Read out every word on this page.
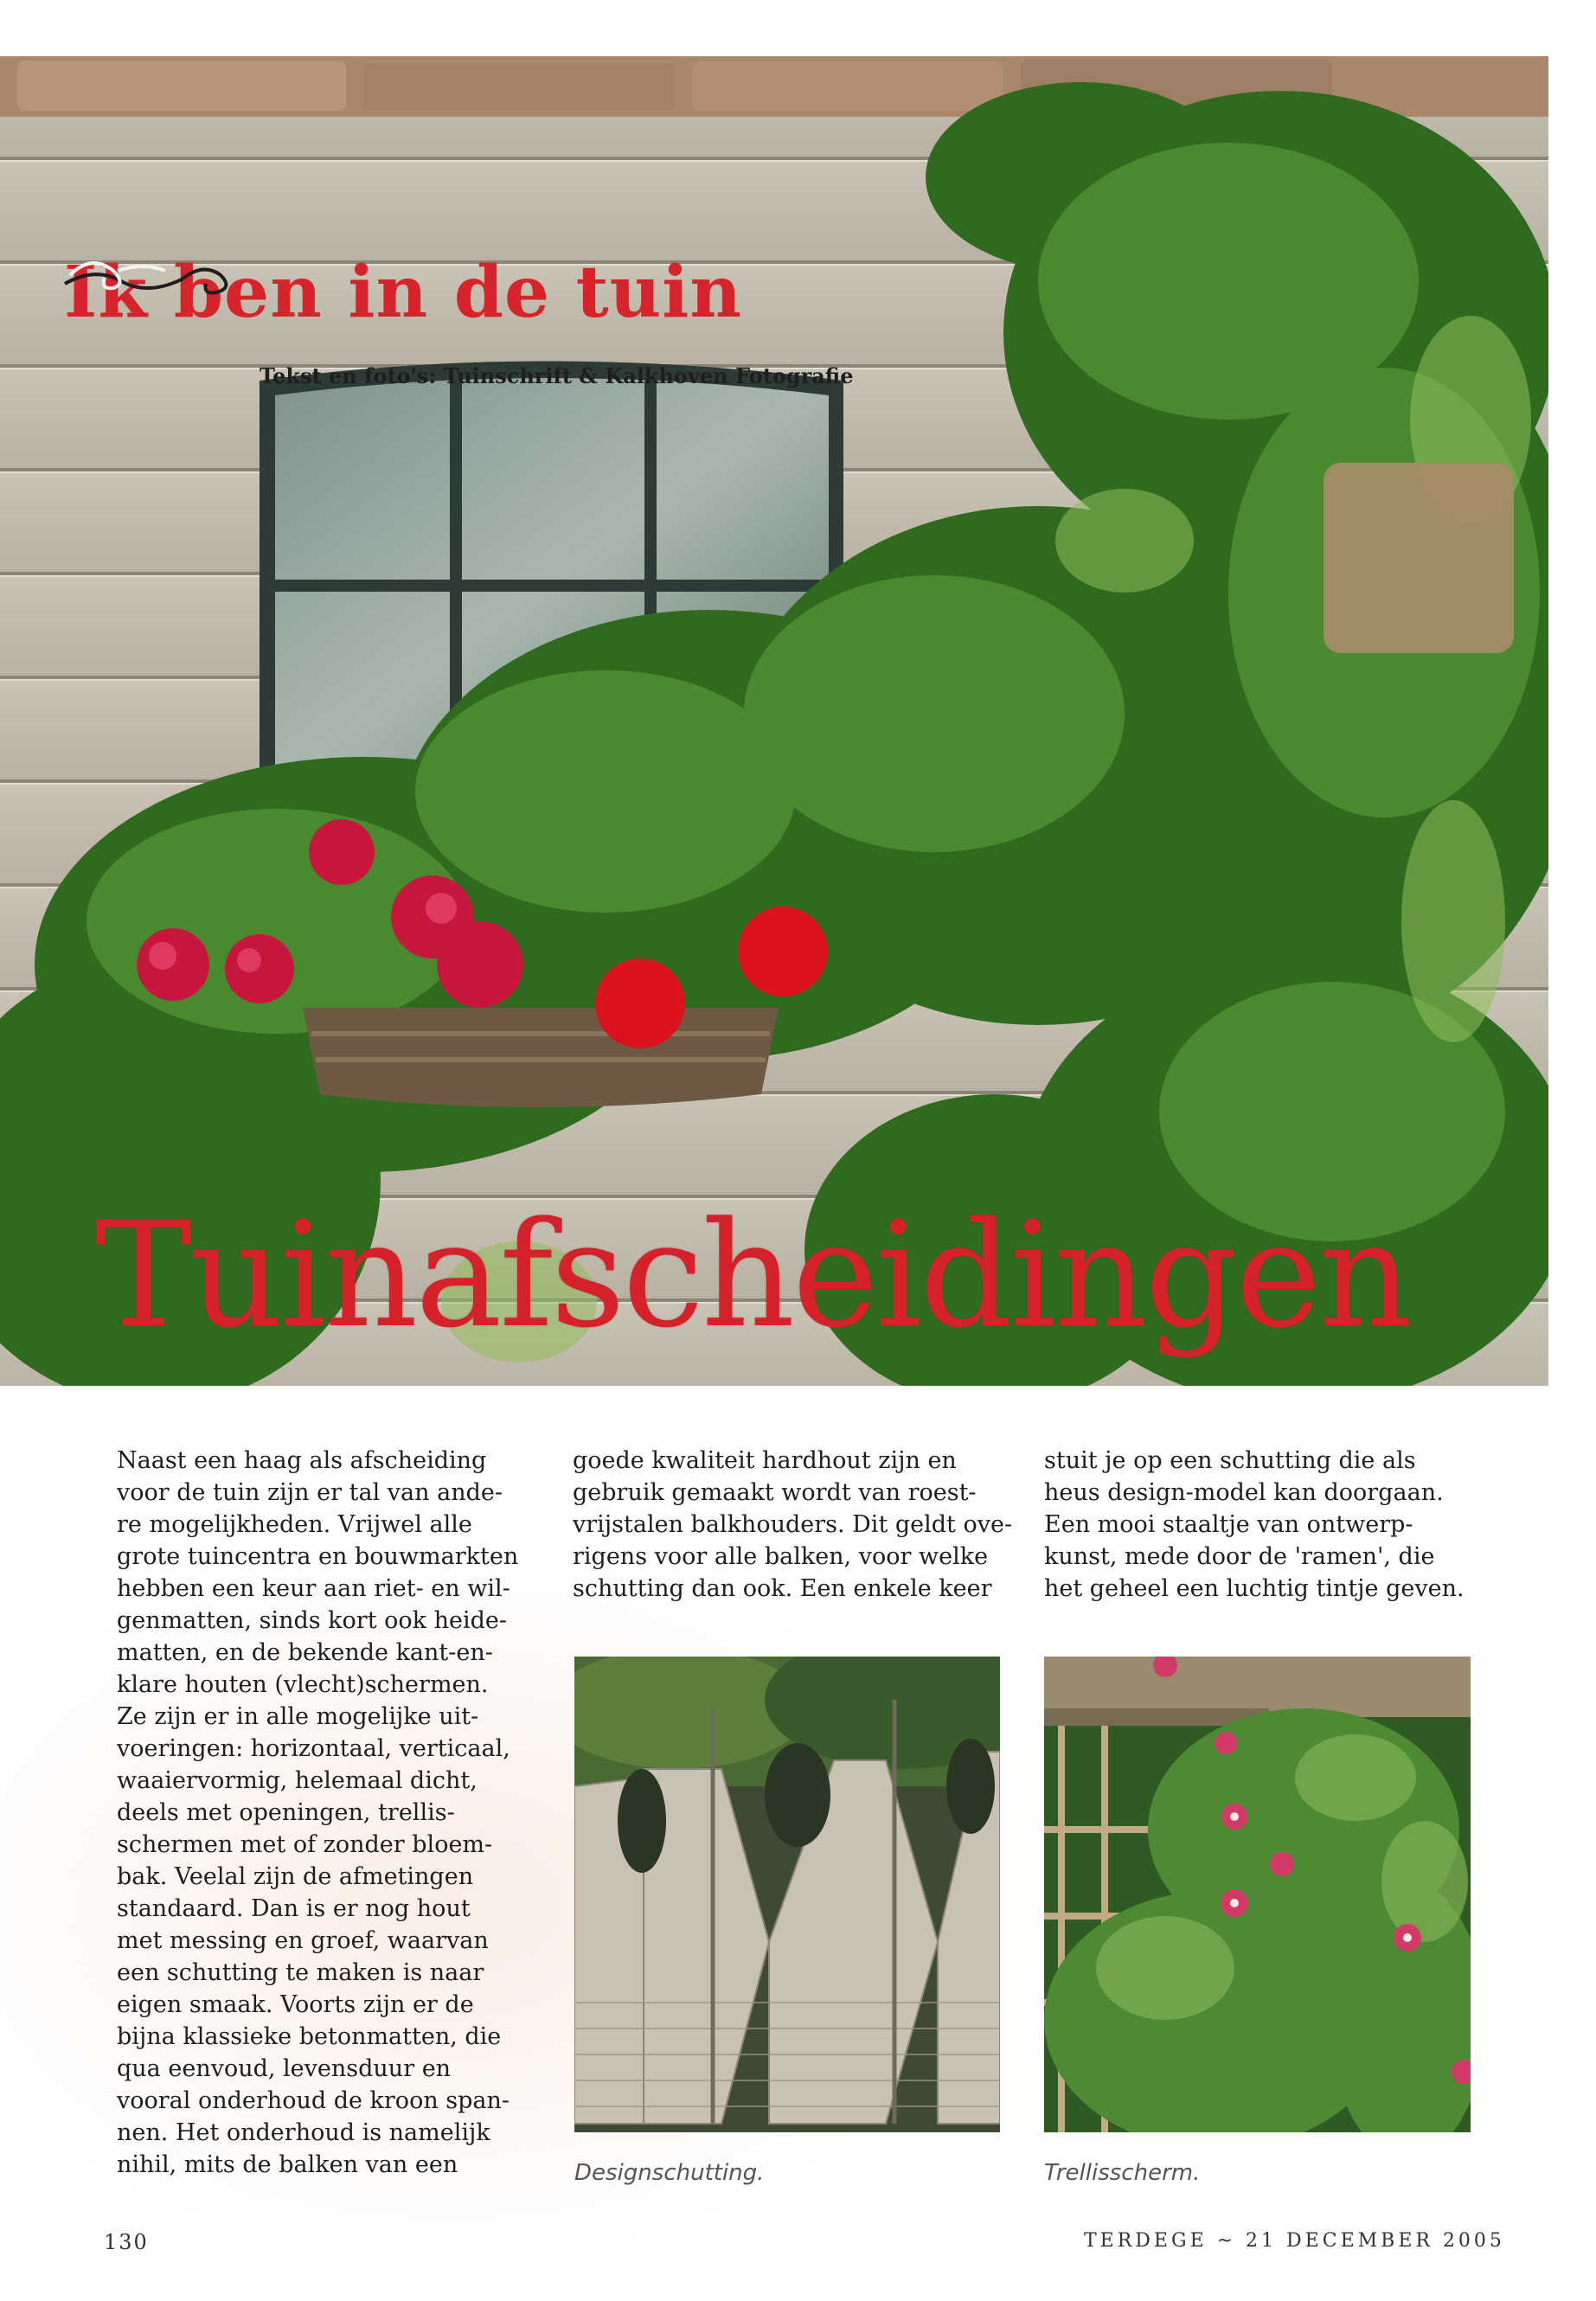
Ik ben in de tuin
Tekst en foto's: Tuinschrift & Kalkhoven Fotografie
Tuinafscheidingen
Naast een haag als afscheiding
voor de tuin zijn er tal van ande-
re mogelijkheden. Vrijwel alle
grote tuincentra en bouwmarkten
hebben een keur aan riet- en wil-
genmatten, sinds kort ook heide-
matten, en de bekende kant-en-
klare houten (vlecht)schermen.
Ze zijn er in alle mogelijke uit-
voeringen: horizontaal, verticaal,
waaiervormig, helemaal dicht,
deels met openingen, trellis-
schermen met of zonder bloem-
bak. Veelal zijn de afmetingen
standaard. Dan is er nog hout
met messing en groef, waarvan
een schutting te maken is naar
eigen smaak. Voorts zijn er de
bijna klassieke betonmatten, die
qua eenvoud, levensduur en
vooral onderhoud de kroon span-
nen. Het onderhoud is namelijk
nihil, mits de balken van een
goede kwaliteit hardhout zijn en
gebruik gemaakt wordt van roest-
vrijstalen balkhouders. Dit geldt ove-
rigens voor alle balken, voor welke
schutting dan ook. Een enkele keer
stuit je op een schutting die als
heus design-model kan doorgaan.
Een mooi staaltje van ontwerp-
kunst, mede door de 'ramen', die
het geheel een luchtig tintje geven.
Designschutting.	Trellisscherm.
130	TERDEGE ~ 21 DECEMBER 2005
